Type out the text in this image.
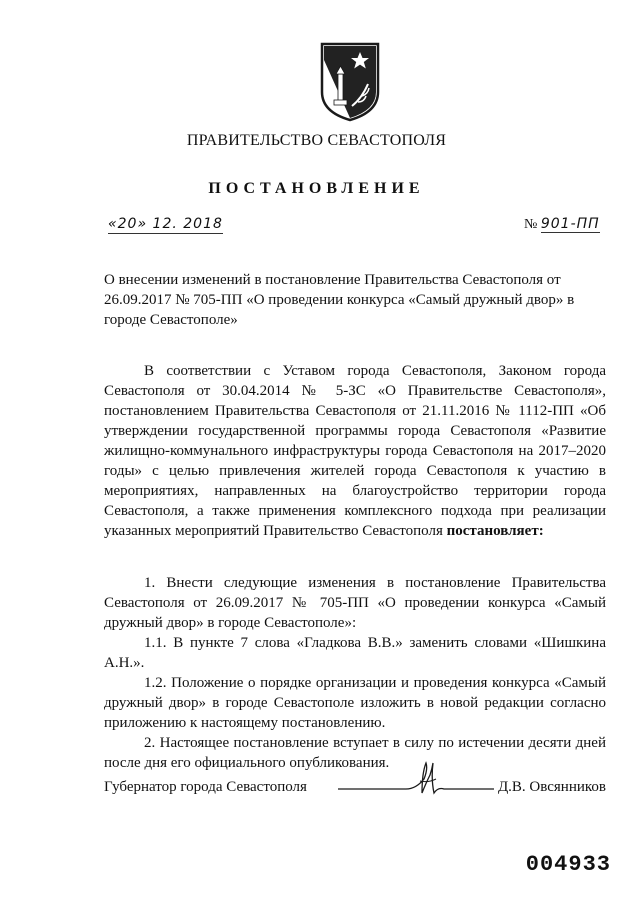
ПРАВИТЕЛЬСТВО СЕВАСТОПОЛЯ
ПОСТАНОВЛЕНИЕ
«20» 12. 2018	№ 901-ПП
О внесении изменений в постановление Правительства Севастополя от 26.09.2017 № 705-ПП «О проведении конкурса «Самый дружный двор» в городе Севастополе»

В соответствии с Уставом города Севастополя, Законом города Севастополя от 30.04.2014 № 5-ЗС «О Правительстве Севастополя», постановлением Правительства Севастополя от 21.11.2016 № 1112-ПП «Об утверждении государственной программы города Севастополя «Развитие жилищно-коммунального инфраструктуры города Севастополя на 2017–2020 годы» с целью привлечения жителей города Севастополя к участию в мероприятиях, направленных на благоустройство территории города Севастополя, а также применения комплексного подхода при реализации указанных мероприятий Правительство Севастополя постановляет:

1. Внести следующие изменения в постановление Правительства Севастополя от 26.09.2017 № 705-ПП «О проведении конкурса «Самый дружный двор» в городе Севастополе»:

1.1. В пункте 7 слова «Гладкова В.В.» заменить словами «Шишкина А.Н.».

1.2. Положение о порядке организации и проведения конкурса «Самый дружный двор» в городе Севастополе изложить в новой редакции согласно приложению к настоящему постановлению.

2. Настоящее постановление вступает в силу по истечении десяти дней после дня его официального опубликования.

Губернатор города Севастополя	Д.В. Овсянников
004933
